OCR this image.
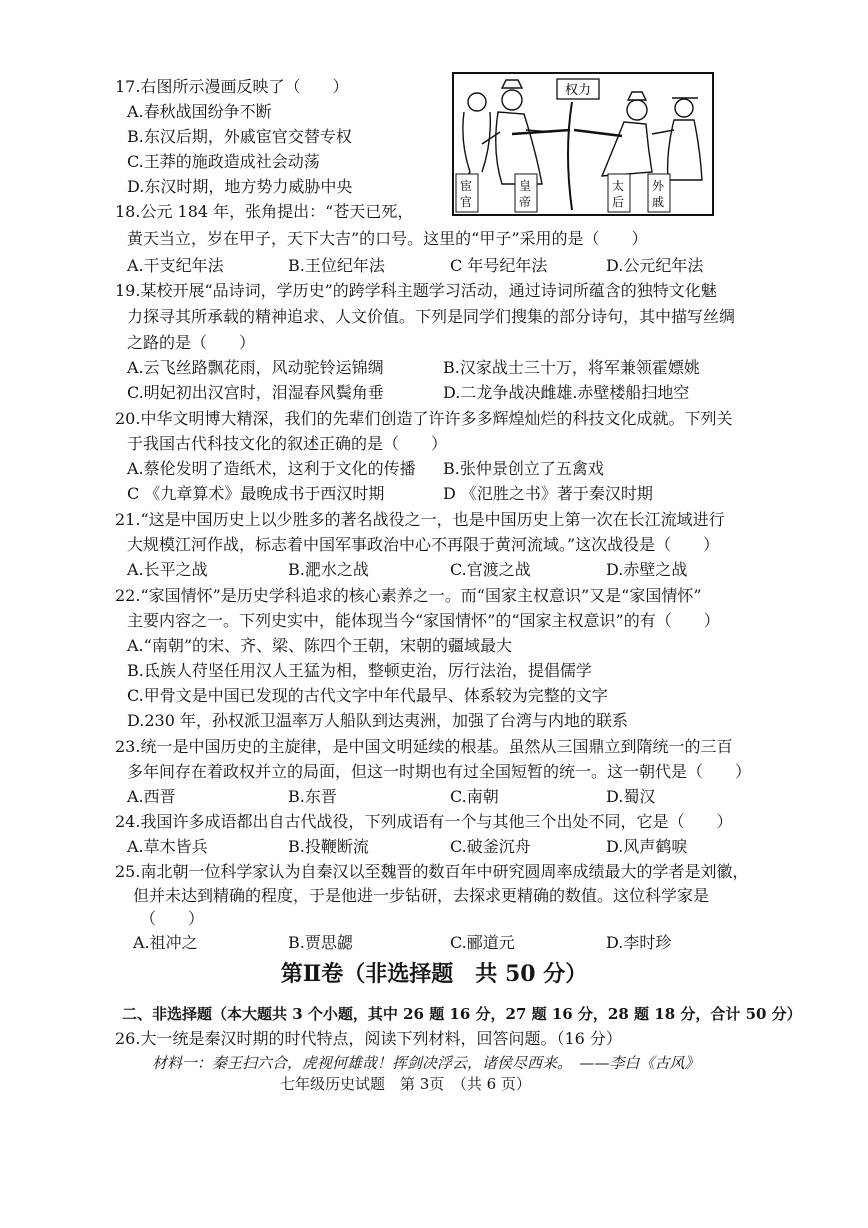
17.右图所示漫画反映了（　　）
A.春秋战国纷争不断
B.东汉后期，外戚宦官交替专权
C.王莽的施政造成社会动荡
D.东汉时期，地方势力威胁中央
权力
宦官
皇帝
太后
外戚
18.公元 184 年，张角提出：“苍天已死，
黄天当立，岁在甲子，天下大吉”的口号。这里的“甲子”采用的是（　　）
A.干支纪年法	B.王位纪年法	C 年号纪年法	D.公元纪年法
19.某校开展“品诗词，学历史”的跨学科主题学习活动，通过诗词所蕴含的独特文化魅
力探寻其所承载的精神追求、人文价值。下列是同学们搜集的部分诗句，其中描写丝绸
之路的是（　　）
A.云飞丝路飘花雨，风动驼铃运锦绸	B.汉家战士三十万，将军兼领霍嫖姚
C.明妃初出汉宫时，泪湿春风鬓角垂	D.二龙争战决雌雄.赤壁楼船扫地空
20.中华文明博大精深，我们的先辈们创造了许许多多辉煌灿烂的科技文化成就。下列关
于我国古代科技文化的叙述正确的是（　　）
A.蔡伦发明了造纸术，这利于文化的传播 B.张仲景创立了五禽戏
C 《九章算术》最晚成书于西汉时期	D 《氾胜之书》著于秦汉时期
21.“这是中国历史上以少胜多的著名战役之一，也是中国历史上第一次在长江流域进行
大规模江河作战，标志着中国军事政治中心不再限于黄河流域。”这次战役是（　　）
A.长平之战	B.淝水之战	C.官渡之战	D.赤壁之战
22.“家国情怀”是历史学科追求的核心素养之一。而“国家主权意识”又是“家国情怀”
主要内容之一。下列史实中，能体现当今“家国情怀”的“国家主权意识”的有（　　）
A.“南朝”的宋、齐、梁、陈四个王朝，宋朝的疆域最大
B.氐族人苻坚任用汉人王猛为相，整顿吏治，厉行法治，提倡儒学
C.甲骨文是中国已发现的古代文字中年代最早、体系较为完整的文字
D.230 年，孙权派卫温率万人船队到达夷洲，加强了台湾与内地的联系
23.统一是中国历史的主旋律，是中国文明延续的根基。虽然从三国鼎立到隋统一的三百
多年间存在着政权并立的局面，但这一时期也有过全国短暂的统一。这一朝代是（　　）
A.西晋	B.东晋	C.南朝	D.蜀汉
24.我国许多成语都出自古代战役，下列成语有一个与其他三个出处不同，它是（　　）
A.草木皆兵	B.投鞭断流	C.破釜沉舟	D.风声鹤唳
25.南北朝一位科学家认为自秦汉以至魏晋的数百年中研究圆周率成绩最大的学者是刘徽，
但并未达到精确的程度，于是他进一步钻研，去探求更精确的数值。这位科学家是
（　　）
A.祖冲之	B.贾思勰	C.郦道元	D.李时珍
第Ⅱ卷（非选择题　共 50 分）
二、非选择题（本大题共 3 个小题，其中 26 题 16 分，27 题 16 分，28 题 18 分，合计 50 分）
26.大一统是秦汉时期的时代特点，阅读下列材料，回答问题。（16 分）
材料一：秦王扫六合，虎视何雄哉！挥剑决浮云，诸侯尽西来。　——李白《古风》
七年级历史试题　第 3页　（共 6 页）
